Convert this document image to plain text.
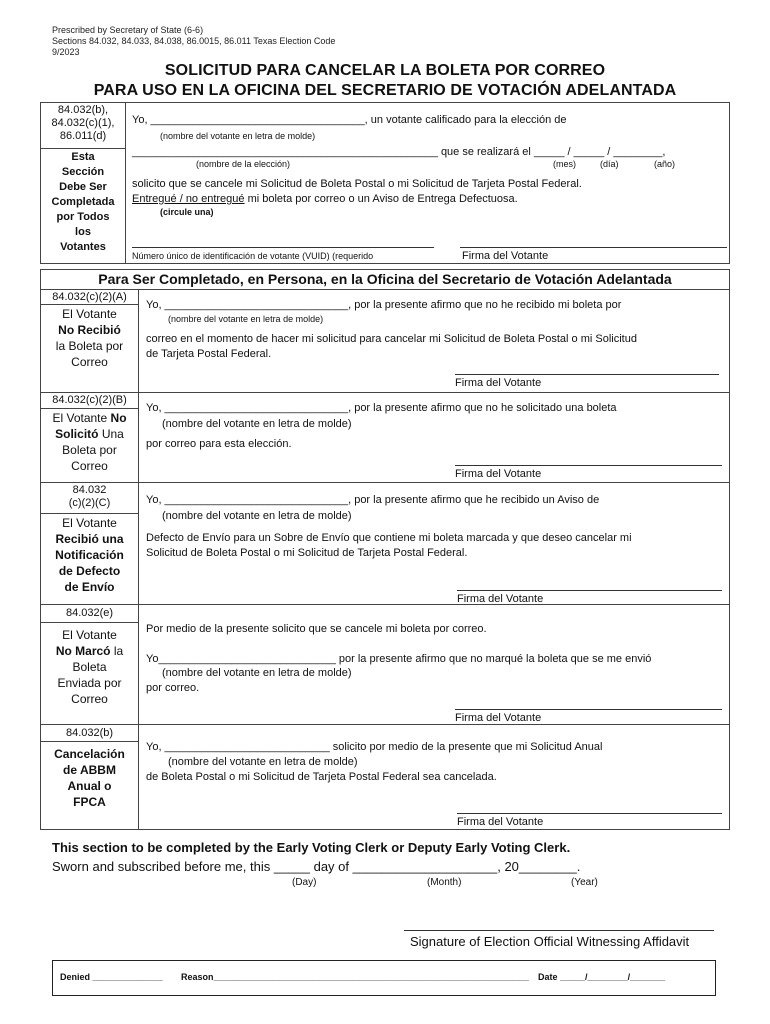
Prescribed by Secretary of State (6-6)
Sections 84.032, 84.033, 84.038, 86.0015, 86.011 Texas Election Code
9/2023
SOLICITUD PARA CANCELAR LA BOLETA POR CORREO
PARA USO EN LA OFICINA DEL SECRETARIO DE VOTACIÓN ADELANTADA
84.032(b),
84.032(c)(1),
86.011(d)
Esta
Sección
Debe Ser
Completada
por Todos
los
Votantes
Yo, ___________________________________, un votante calificado para la elección de
(nombre del votante en letra de molde)
__________________________________________________ que se realizará el _____ / _____ / ________,
(nombre de la elección)	(mes)	(día)	(año)
solicito que se cancele mi Solicitud de Boleta Postal o mi Solicitud de Tarjeta Postal Federal.
Entregué / no entregué mi boleta por correo o un Aviso de Entrega Defectuosa.
(circule una)
Número único de identificación de votante (VUID) (requerido	Firma del Votante
Para Ser Completado, en Persona, en la Oficina del Secretario de Votación Adelantada
84.032(c)(2)(A)
El Votante
No Recibió
la Boleta por
Correo
Yo, ______________________________, por la presente afirmo que no he recibido mi boleta por
(nombre del votante en letra de molde)
correo en el momento de hacer mi solicitud para cancelar mi Solicitud de Boleta Postal o mi Solicitud
de Tarjeta Postal Federal.
Firma del Votante
84.032(c)(2)(B)
El Votante No
Solicitó Una
Boleta por
Correo
Yo, ______________________________, por la presente afirmo que no he solicitado una boleta
(nombre del votante en letra de molde)
por correo para esta elección.
Firma del Votante
84.032
(c)(2)(C)
El Votante
Recibió una
Notificación
de Defecto
de Envío
Yo, ______________________________, por la presente afirmo que he recibido un Aviso de
(nombre del votante en letra de molde)
Defecto de Envío para un Sobre de Envío que contiene mi boleta marcada y que deseo cancelar mi
Solicitud de Boleta Postal o mi Solicitud de Tarjeta Postal Federal.
Firma del Votante
84.032(e)
El Votante
No Marcó la
Boleta
Enviada por
Correo
Por medio de la presente solicito que se cancele mi boleta por correo.
Yo_____________________________ por la presente afirmo que no marqué la boleta que se me envió
(nombre del votante en letra de molde)
por correo.
Firma del Votante
84.032(b)
Cancelación
de ABBM
Anual o
FPCA
Yo, ___________________________ solicito por medio de la presente que mi Solicitud Anual
(nombre del votante en letra de molde)
de Boleta Postal o mi Solicitud de Tarjeta Postal Federal sea cancelada.
Firma del Votante
This section to be completed by the Early Voting Clerk or Deputy Early Voting Clerk.
Sworn and subscribed before me, this _____ day of ____________________, 20________.
(Day)	(Month)	(Year)
Signature of Election Official Witnessing Affidavit
Denied ______________ Reason_______________________________________________________________ Date _____/________/_______
